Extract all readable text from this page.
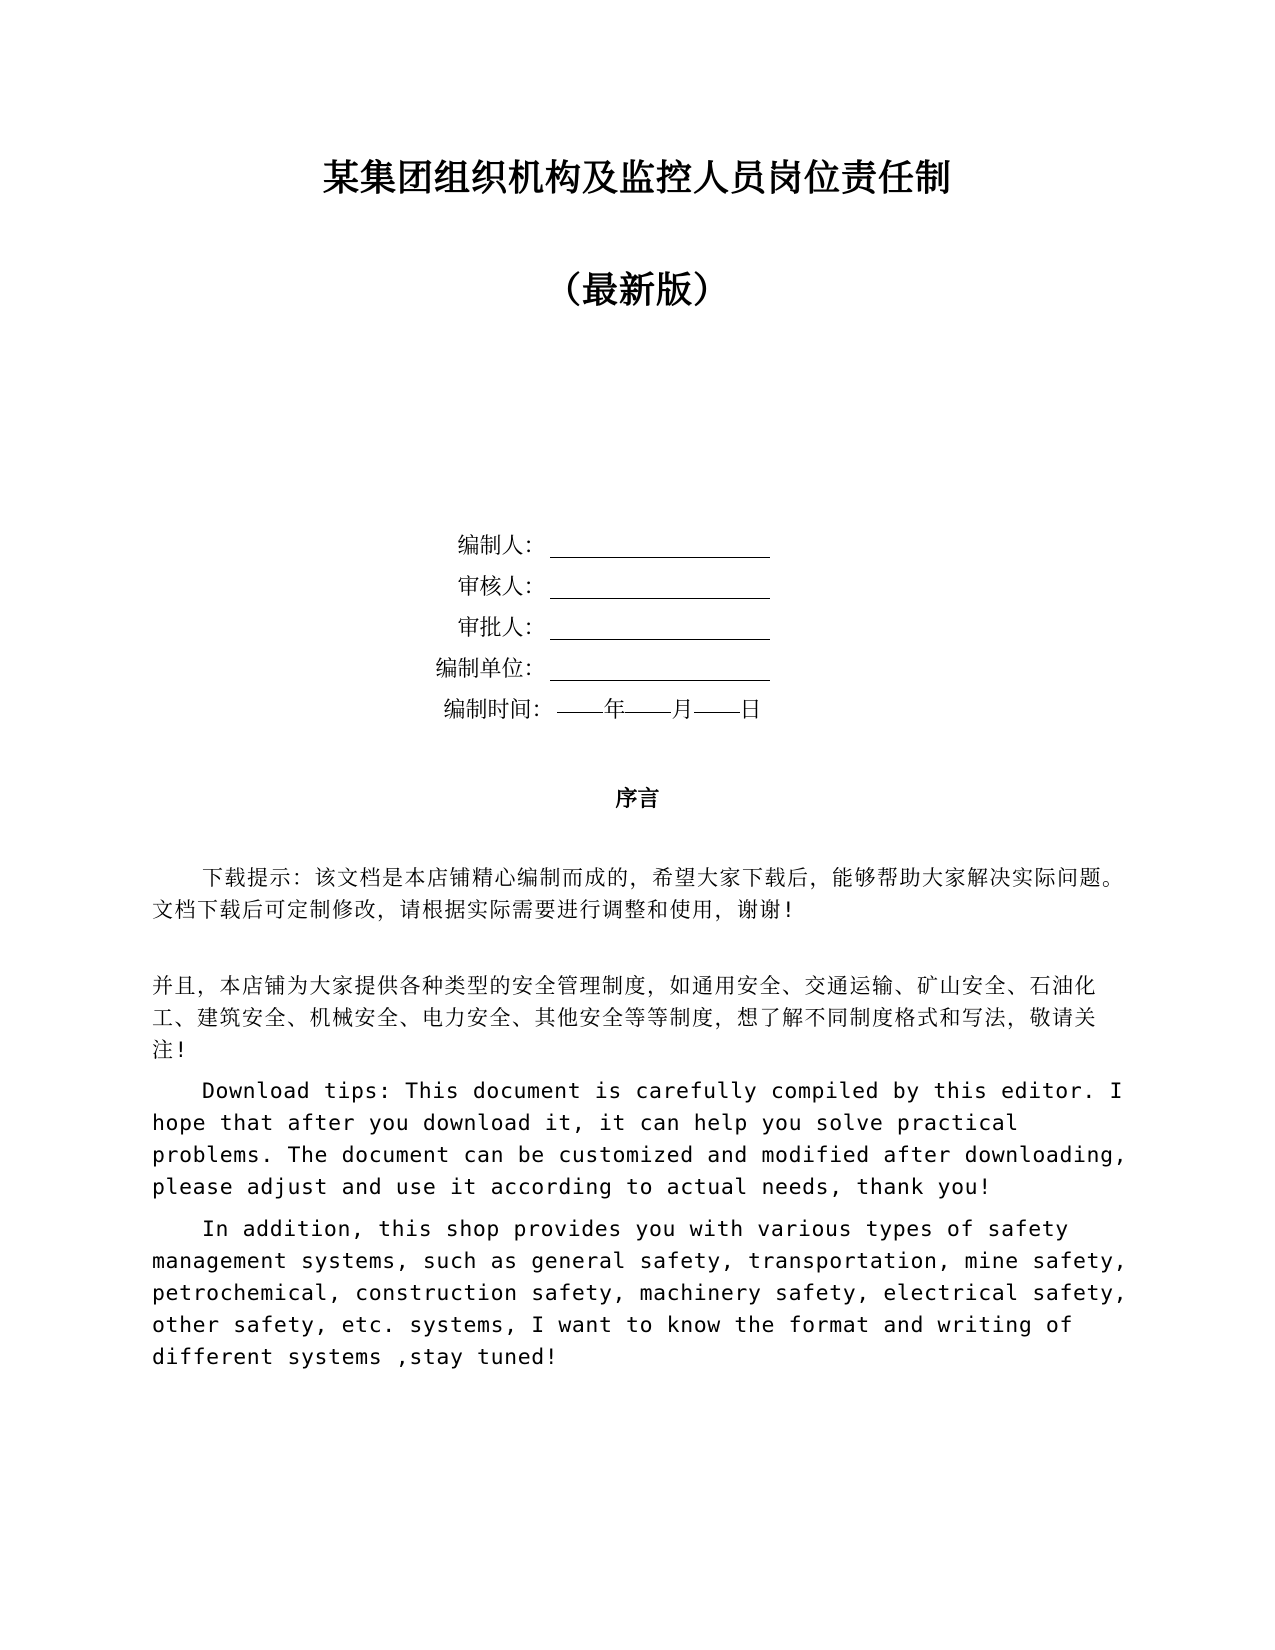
某集团组织机构及监控人员岗位责任制
（最新版）
编制人：
审核人：
审批人：
编制单位：
编制时间：	年 月 日
序言

下载提示：该文档是本店铺精心编制而成的，希望大家下载后，能够帮助大家解决实际问题。文档下载后可定制修改，请根据实际需要进行调整和使用，谢谢!

并且，本店铺为大家提供各种类型的安全管理制度，如通用安全、交通运输、矿山安全、石油化工、建筑安全、机械安全、电力安全、其他安全等等制度，想了解不同制度格式和写法，敬请关注!

Download tips: This document is carefully compiled by this editor. I hope that after you download it, it can help you solve practical problems. The document can be customized and modified after downloading, please adjust and use it according to actual needs, thank you!

In addition, this shop provides you with various types of safety management systems, such as general safety, transportation, mine safety, petrochemical, construction safety, machinery safety, electrical safety, other safety, etc. systems, I want to know the format and writing of different systems ,stay tuned!
